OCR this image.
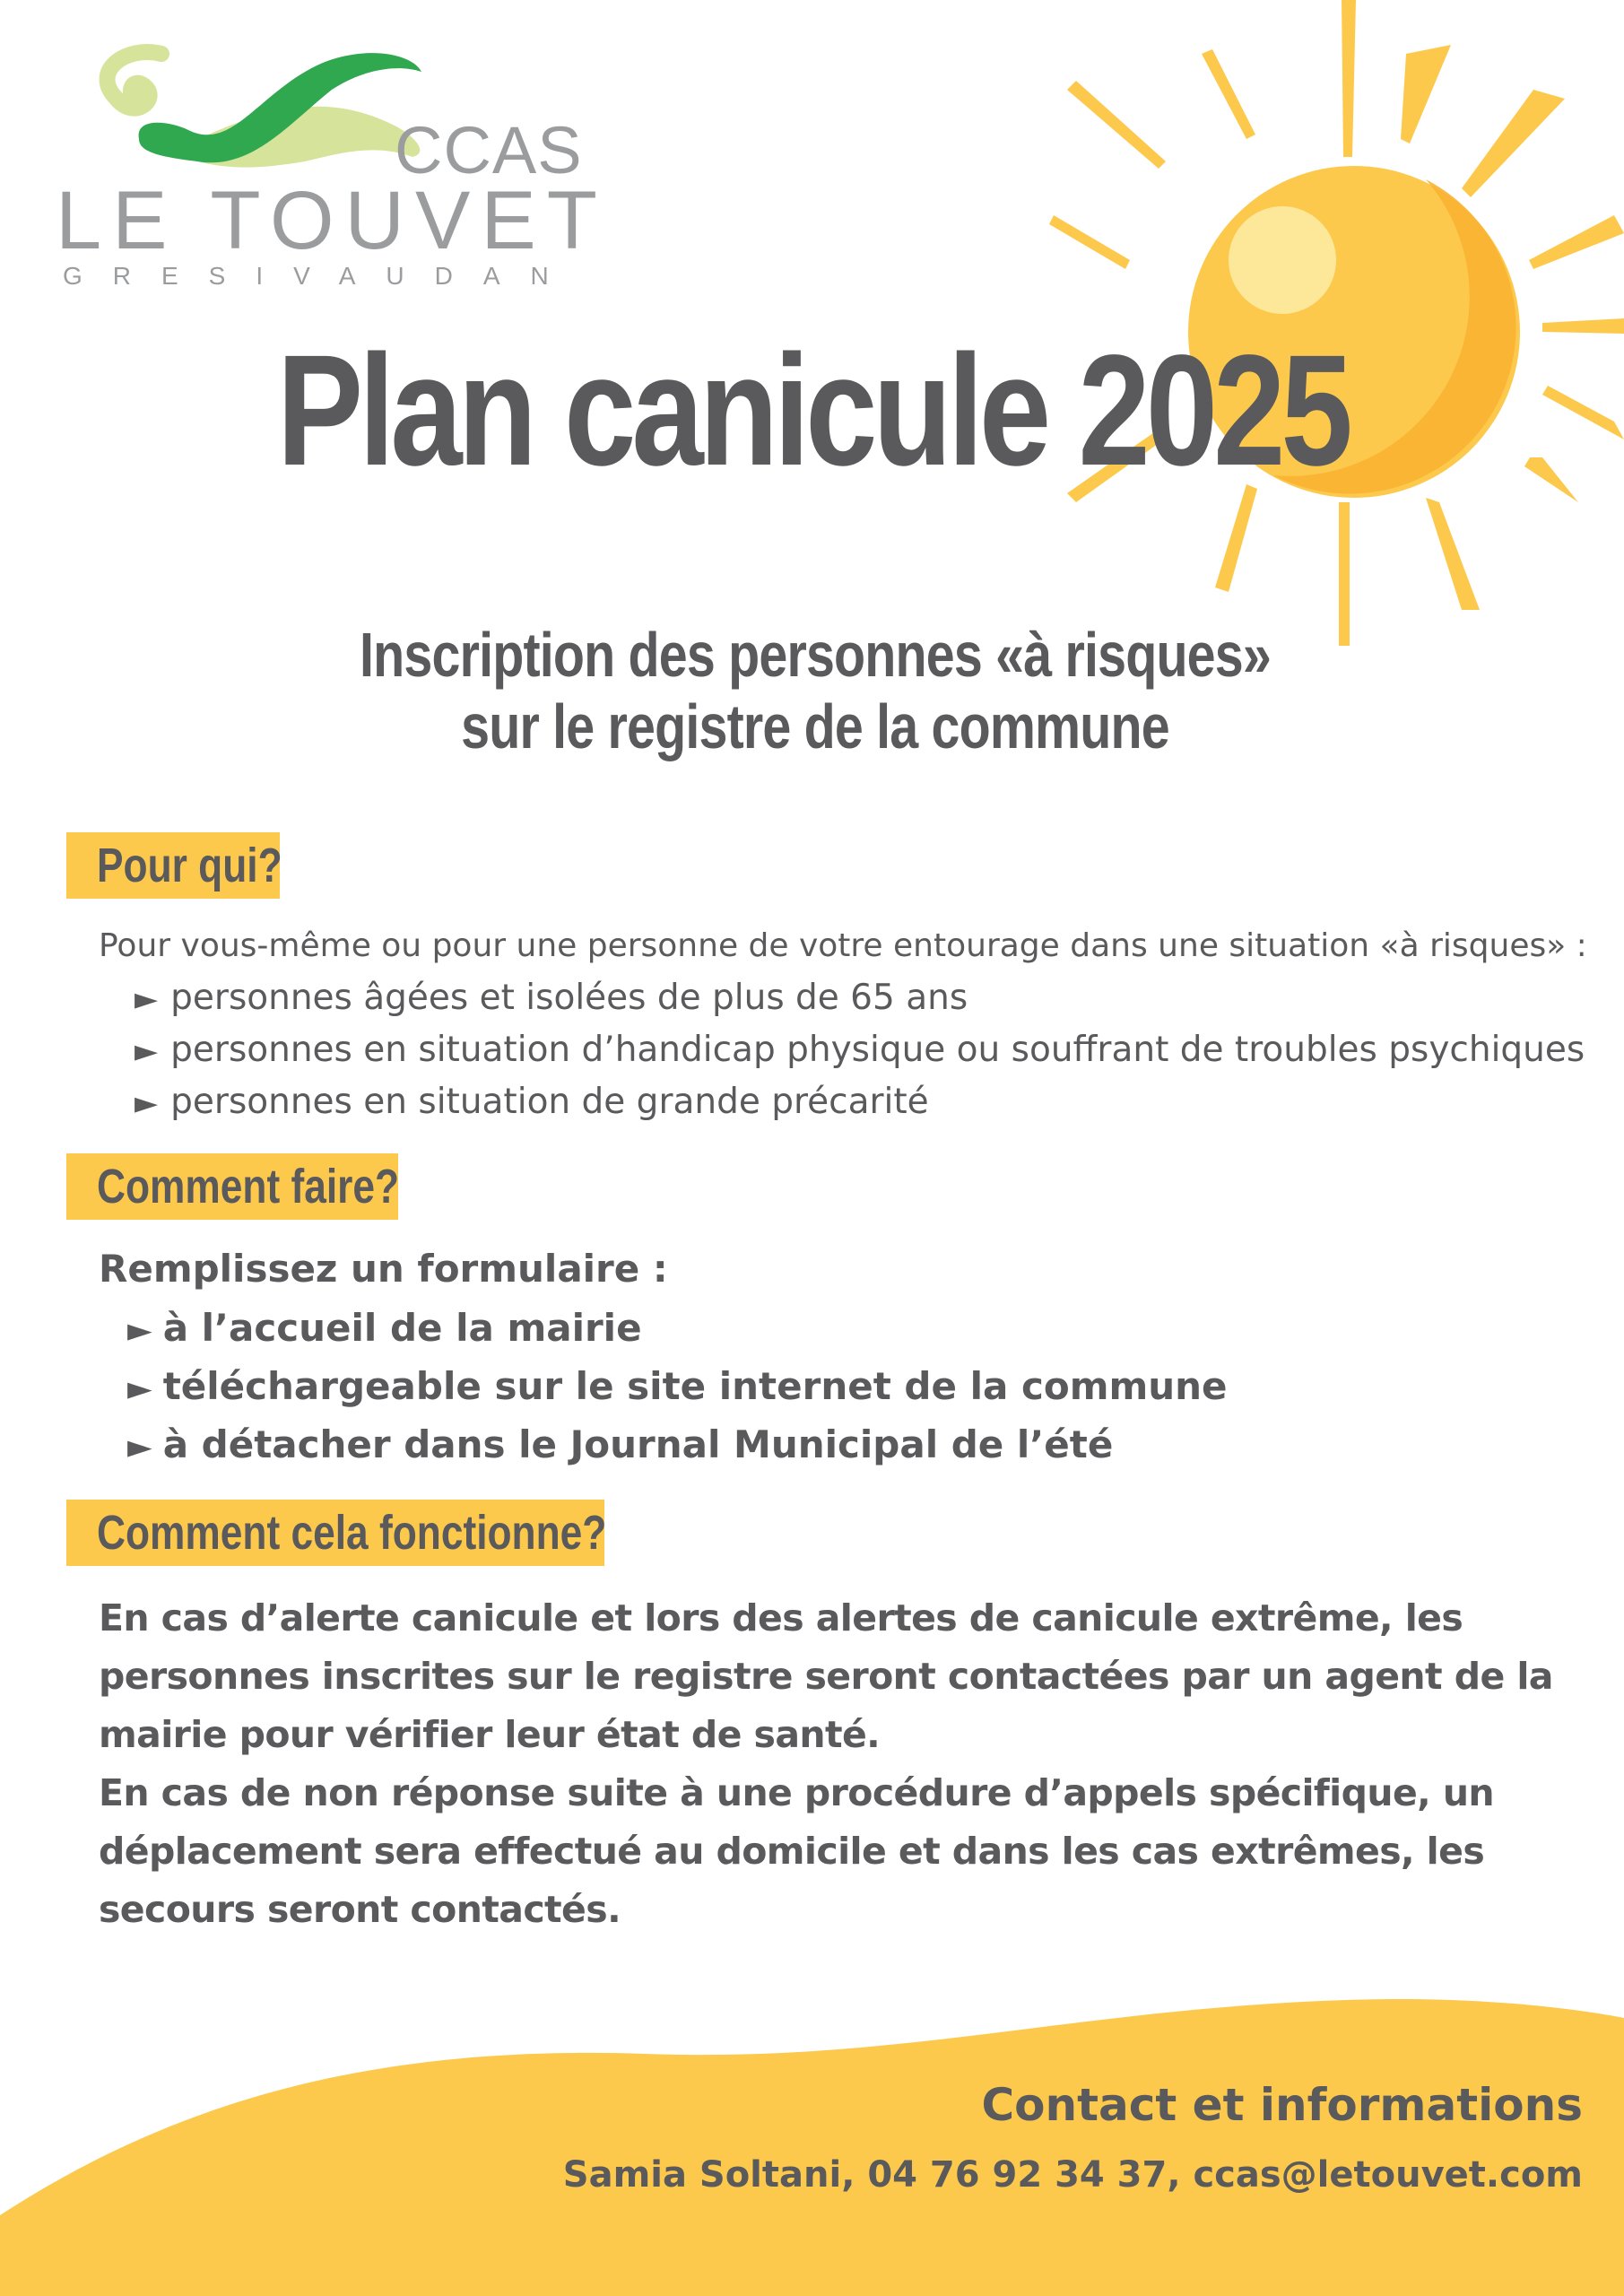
CCAS
LE TOUVET
GRESIVAUDAN
Plan canicule 2025
Inscription des personnes «à risques»
sur le registre de la commune
Pour qui?
Pour vous-même ou pour une personne de votre entourage dans une situation «à risques» :
► personnes âgées et isolées de plus de 65 ans
► personnes en situation d’handicap physique ou souffrant de troubles psychiques
► personnes en situation de grande précarité
Comment faire?
Remplissez un formulaire :
► à l’accueil de la mairie
► téléchargeable sur le site internet de la commune
► à détacher dans le Journal Municipal de l’été
Comment cela fonctionne?

En cas d’alerte canicule et lors des alertes de canicule extrême, les personnes inscrites sur le registre seront contactées par un agent de la mairie pour vérifier leur état de santé.

En cas de non réponse suite à une procédure d’appels spécifique, un déplacement sera effectué au domicile et dans les cas extrêmes, les secours seront contactés.

Contact et informations
Samia Soltani, 04 76 92 34 37, ccas@letouvet.com
